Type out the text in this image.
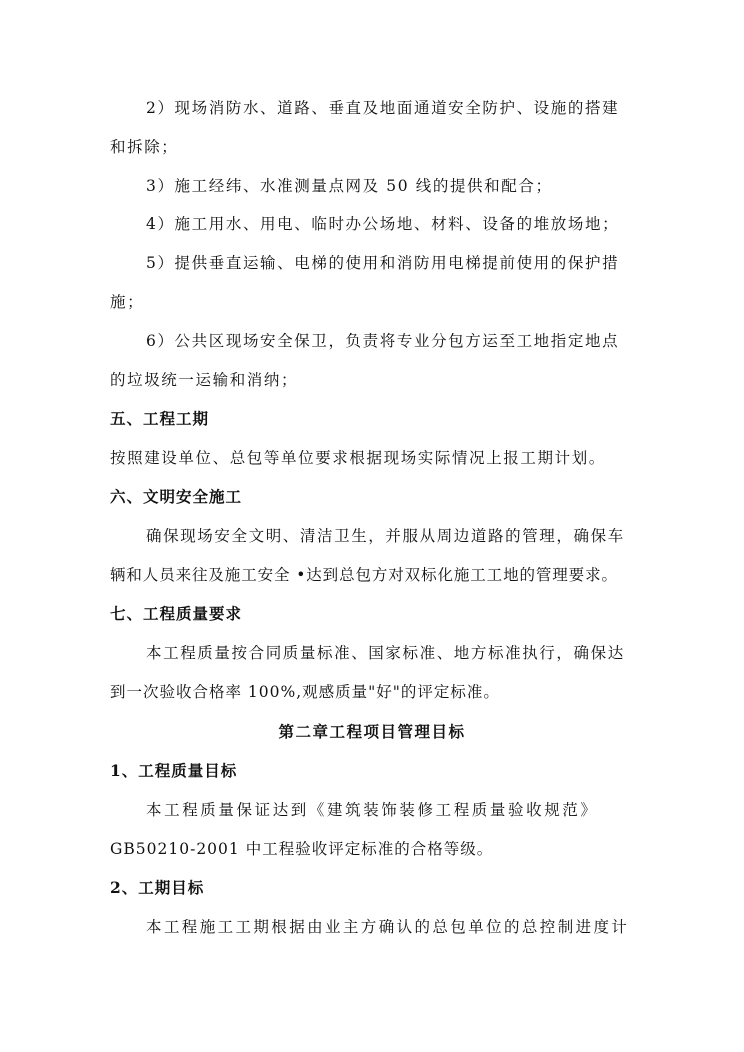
2）现场消防水、道路、垂直及地面通道安全防护、设施的搭建
和拆除；
3）施工经纬、水准测量点网及 50 线的提供和配合；
4）施工用水、用电、临时办公场地、材料、设备的堆放场地；
5）提供垂直运输、电梯的使用和消防用电梯提前使用的保护措
施；
6）公共区现场安全保卫，负责将专业分包方运至工地指定地点
的垃圾统一运输和消纳；
五、工程工期
按照建设单位、总包等单位要求根据现场实际情况上报工期计划。
六、文明安全施工
确保现场安全文明、清洁卫生，并服从周边道路的管理，确保车
辆和人员来往及施工安全 •达到总包方对双标化施工工地的管理要求。
七、工程质量要求
本工程质量按合同质量标准、国家标准、地方标准执行，确保达
到一次验收合格率 100%,观感质量"好"的评定标准。
第二章工程项目管理目标
1、工程质量目标
本工程质量保证达到《建筑装饰装修工程质量验收规范》
GB50210-2001 中工程验收评定标准的合格等级。
2、工期目标
本工程施工工期根据由业主方确认的总包单位的总控制进度计
